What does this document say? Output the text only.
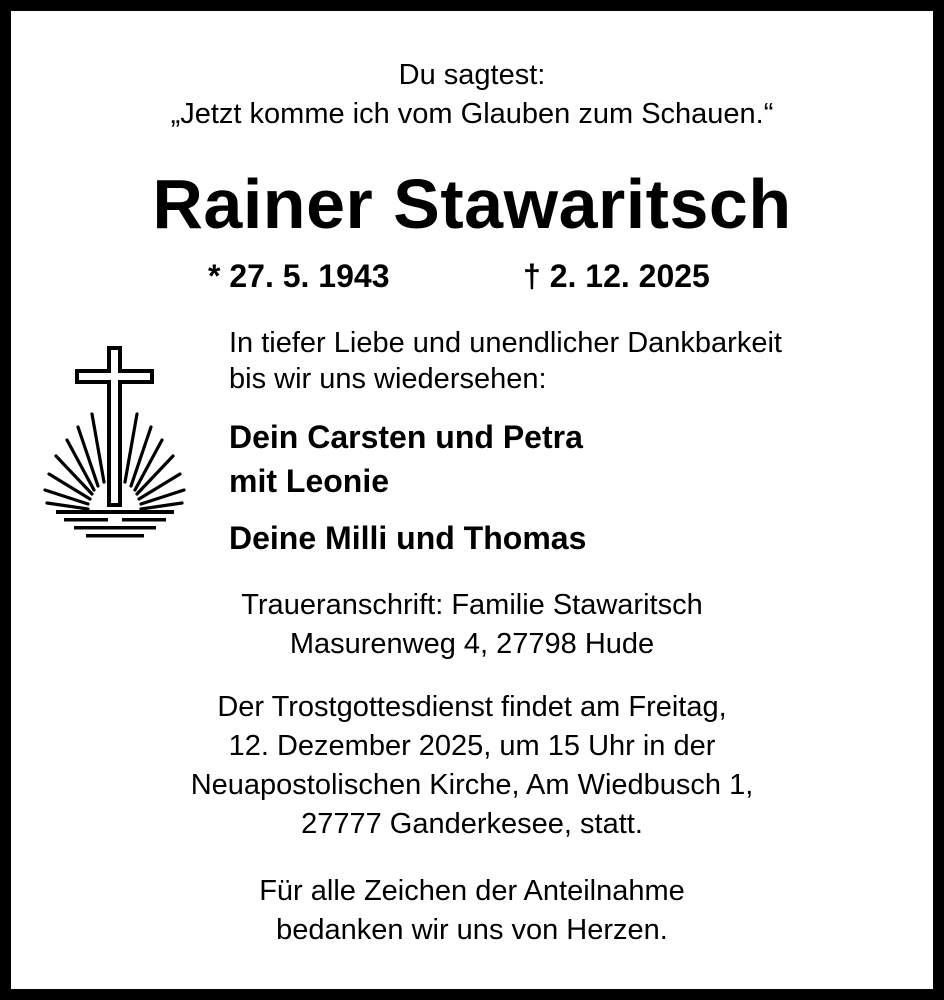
Du sagtest:
„Jetzt komme ich vom Glauben zum Schauen.“
Rainer Stawaritsch
* 27. 5. 1943	† 2. 12. 2025
In tiefer Liebe und unendlicher Dankbarkeit
bis wir uns wiedersehen:
Dein Carsten und Petra
mit Leonie
Deine Milli und Thomas
Traueranschrift: Familie Stawaritsch
Masurenweg 4, 27798 Hude
Der Trostgottesdienst findet am Freitag,
12. Dezember 2025, um 15 Uhr in der
Neuapostolischen Kirche, Am Wiedbusch 1,
27777 Ganderkesee, statt.
Für alle Zeichen der Anteilnahme
bedanken wir uns von Herzen.
